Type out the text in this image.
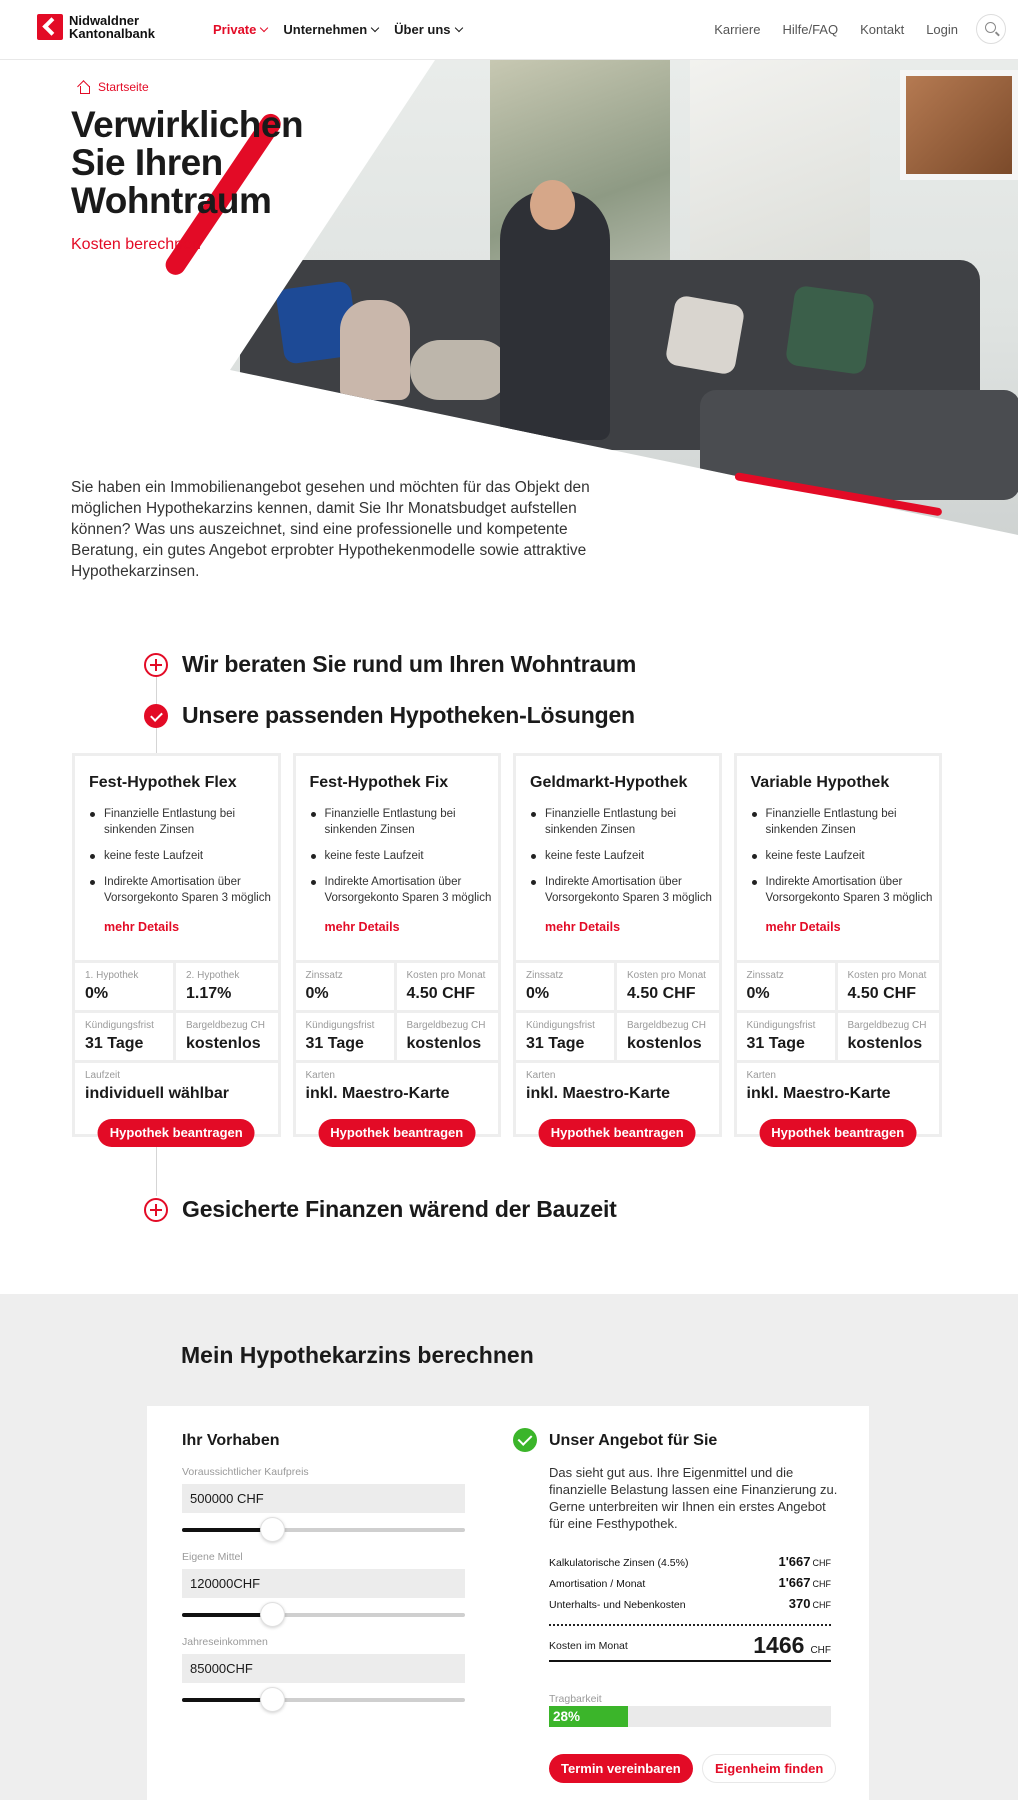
Nidwaldner
Kantonalbank	Private Unternehmen Über uns	Karriere Hilfe/FAQ Kontakt Login
Startseite
Verwirklichen
Sie Ihren
Wohntraum
Kosten berechnen

Sie haben ein Immobilienangebot gesehen und möchten für das Objekt den möglichen Hypothekarzins kennen, damit Sie Ihr Monatsbudget aufstellen können? Was uns auszeichnet, sind eine professionelle und kompetente Beratung, ein gutes Angebot erprobter Hypothekenmodelle sowie attraktive Hypothekarzinsen.

Wir beraten Sie rund um Ihren Wohntraum
Unsere passenden Hypotheken-Lösungen
Fest-Hypothek Flex
Finanzielle Entlastung bei sinkenden Zinsen
keine feste Laufzeit
Indirekte Amortisation über Vorsorgekonto Sparen 3 möglich
mehr Details
1. Hypothek
0%
2. Hypothek
1.17%
Kündigungsfrist
31 Tage
Bargeldbezug CH
kostenlos
Laufzeit
individuell wählbar
Hypothek beantragen
Fest-Hypothek Fix
Finanzielle Entlastung bei sinkenden Zinsen
keine feste Laufzeit
Indirekte Amortisation über Vorsorgekonto Sparen 3 möglich
mehr Details
Zinssatz
0%
Kosten pro Monat
4.50 CHF
Kündigungsfrist
31 Tage
Bargeldbezug CH
kostenlos
Karten
inkl. Maestro-Karte
Hypothek beantragen
Geldmarkt-Hypothek
Finanzielle Entlastung bei sinkenden Zinsen
keine feste Laufzeit
Indirekte Amortisation über Vorsorgekonto Sparen 3 möglich
mehr Details
Zinssatz
0%
Kosten pro Monat
4.50 CHF
Kündigungsfrist
31 Tage
Bargeldbezug CH
kostenlos
Karten
inkl. Maestro-Karte
Hypothek beantragen
Variable Hypothek
Finanzielle Entlastung bei sinkenden Zinsen
keine feste Laufzeit
Indirekte Amortisation über Vorsorgekonto Sparen 3 möglich
mehr Details
Zinssatz
0%
Kosten pro Monat
4.50 CHF
Kündigungsfrist
31 Tage
Bargeldbezug CH
kostenlos
Karten
inkl. Maestro-Karte
Hypothek beantragen
Gesicherte Finanzen wärend der Bauzeit
Mein Hypothekarzins berechnen
Ihr Vorhaben
Voraussichtlicher Kaufpreis
500000 CHF
Eigene Mittel
120000CHF
Jahreseinkommen
85000CHF
Unser Angebot für Sie

Das sieht gut aus. Ihre Eigenmittel und die finanzielle Belastung lassen eine Finanzierung zu. Gerne unterbreiten wir Ihnen ein erstes Angebot für eine Festhypothek.

Kalkulatorische Zinsen (4.5%)	1'667 CHF
Amortisation / Monat	1'667 CHF
Unterhalts- und Nebenkosten	370 CHF
Kosten im Monat	1466 CHF
Tragbarkeit
28%
Termin vereinbaren	Eigenheim finden
